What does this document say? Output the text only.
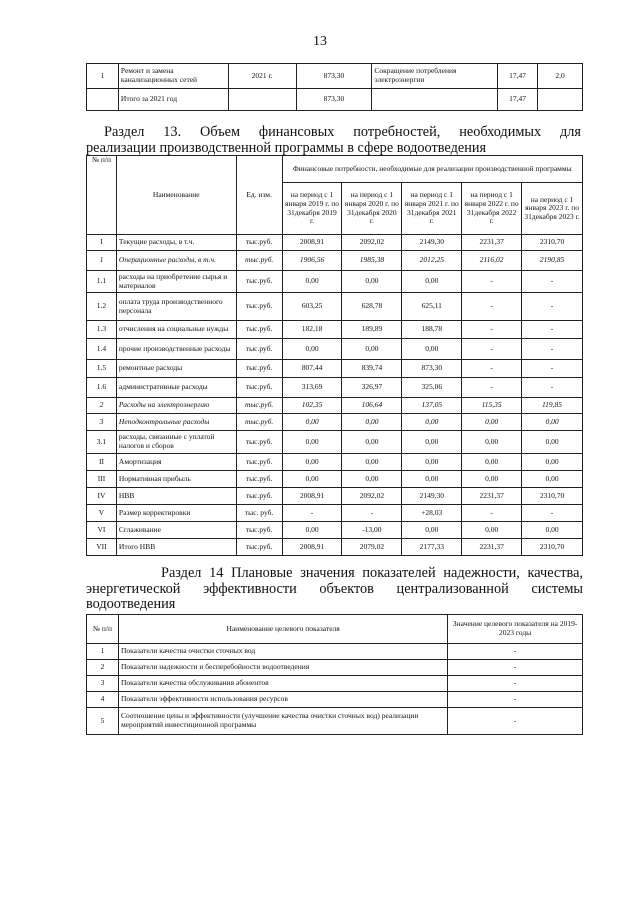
13
1	Ремонт и замена канализационных сетей	2021 г.	873,30	Сокращение потребления электроэнергии	17,47	2,0
	Итого за 2021 год		873,30		17,47	
Раздел 13. Объем финансовых потребностей, необходимых для
реализации производственной программы в сфере водоотведения
№ п/п	Наименование	Ед. изм.	Финансовые потребности, необходимые для реализации производственной программы				
			на период с 1 января 2019 г. по 31декабря 2019 г.	на период с 1 января 2020 г. по 31декабря 2020 г.	на период с 1 января 2021 г. по 31декабря 2021 г.	на период с 1 января 2022 г. по 31декабря 2022 г.	на период с 1 января 2023 г. по 31декабря 2023 г.
I	Текущие расходы, в т.ч.	тыс.руб.	2008,91	2092,02	2149,30	2231,37	2310,70
1	Операционные расходы, в т.ч.	тыс.руб.	1906,56	1985,38	2012,25	2116,02	2190,85
1.1	расходы на приобретение сырья и материалов	тыс.руб.	0,00	0,00	0,00	-	-
1.2	оплата труда производственного персонала	тыс.руб.	603,25	628,78	625,11	-	-
1.3	отчисления на социальные нужды	тыс.руб.	182,18	189,89	188,78	-	-
1.4	прочие производственные расходы	тыс.руб.	0,00	0,00	0,00	-	-
1.5	ремонтные расходы	тыс.руб.	807,44	839,74	873,30	-	-
1.6	административные расходы	тыс.руб.	313,69	326,97	325,06	-	-
2	Расходы на электроэнергию	тыс.руб.	102,35	106,64	137,05	115,35	119,85
3	Неподконтрольные расходы	тыс.руб.	0,00	0,00	0,00	0,00	0,00
3.1	расходы, связанные с уплатой налогов и сборов	тыс.руб.	0,00	0,00	0,00	0,00	0,00
II	Амортизация	тыс.руб.	0,00	0,00	0,00	0,00	0,00
III	Нормативная прибыль	тыс.руб.	0,00	0,00	0,00	0,00	0,00
IV	НВВ	тыс.руб.	2008,91	2092,02	2149,30	2231,37	2310,70
V	Размер корректировки	тыс. руб.	-	-	+28,03	-	-
VI	Сглаживание	тыс.руб.	0,00	-13,00	0,00	0,00	0,00
VII	Итого НВВ	тыс.руб.	2008,91	2079,02	2177,33	2231,37	2310,70
Раздел 14 Плановые значения показателей надежности, качества,
энергетической эффективности объектов централизованной системы
водоотведения
№ п/п	Наименование целевого показателя	Значение целевого показателя на 2019-2023 годы
1	Показатели качества очистки сточных вод	-
2	Показатели надежности и бесперебойности водоотведения	-
3	Показатели качества обслуживания абонентов	-
4	Показатели эффективности использования ресурсов	-
5	Соотношение цены и эффективности (улучшение качества очистки сточных вод) реализации мероприятий инвестиционной программы	-
